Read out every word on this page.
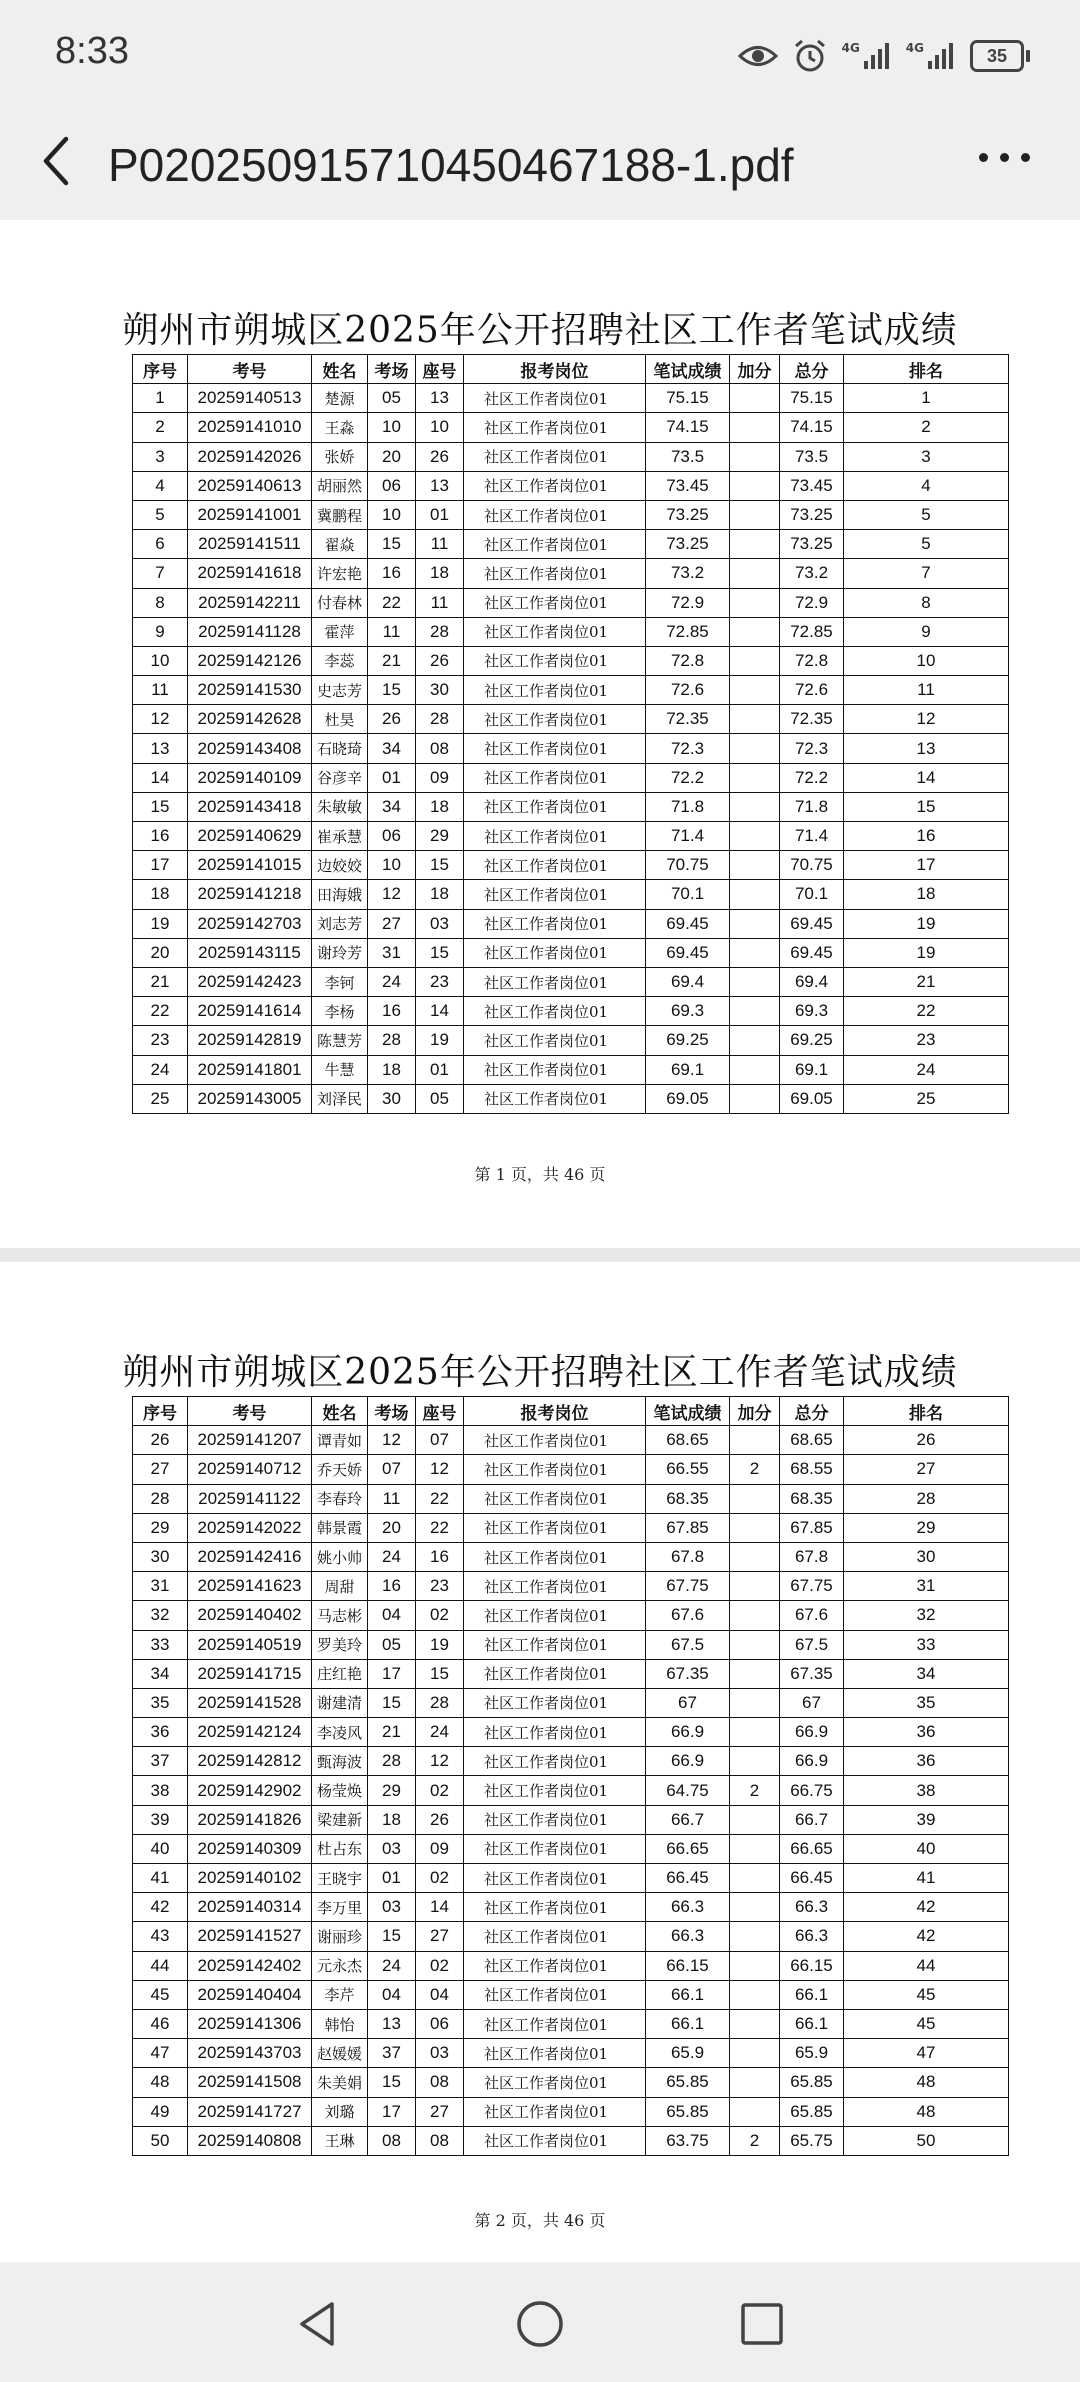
8:33	4G	4G	35
P020250915710450467188-1.pdf
朔州市朔城区2025年公开招聘社区工作者笔试成绩
序号	考号	姓名	考场	座号	报考岗位	笔试成绩	加分	总分	排名
1	20259140513	楚源	05	13	社区工作者岗位01	75.15		75.15	1
2	20259141010	王淼	10	10	社区工作者岗位01	74.15		74.15	2
3	20259142026	张娇	20	26	社区工作者岗位01	73.5		73.5	3
4	20259140613	胡丽然	06	13	社区工作者岗位01	73.45		73.45	4
5	20259141001	冀鹏程	10	01	社区工作者岗位01	73.25		73.25	5
6	20259141511	翟焱	15	11	社区工作者岗位01	73.25		73.25	5
7	20259141618	许宏艳	16	18	社区工作者岗位01	73.2		73.2	7
8	20259142211	付春林	22	11	社区工作者岗位01	72.9		72.9	8
9	20259141128	霍萍	11	28	社区工作者岗位01	72.85		72.85	9
10	20259142126	李蕊	21	26	社区工作者岗位01	72.8		72.8	10
11	20259141530	史志芳	15	30	社区工作者岗位01	72.6		72.6	11
12	20259142628	杜昊	26	28	社区工作者岗位01	72.35		72.35	12
13	20259143408	石晓琦	34	08	社区工作者岗位01	72.3		72.3	13
14	20259140109	谷彦辛	01	09	社区工作者岗位01	72.2		72.2	14
15	20259143418	朱敏敏	34	18	社区工作者岗位01	71.8		71.8	15
16	20259140629	崔承慧	06	29	社区工作者岗位01	71.4		71.4	16
17	20259141015	边姣姣	10	15	社区工作者岗位01	70.75		70.75	17
18	20259141218	田海娥	12	18	社区工作者岗位01	70.1		70.1	18
19	20259142703	刘志芳	27	03	社区工作者岗位01	69.45		69.45	19
20	20259143115	谢玲芳	31	15	社区工作者岗位01	69.45		69.45	19
21	20259142423	李钶	24	23	社区工作者岗位01	69.4		69.4	21
22	20259141614	李杨	16	14	社区工作者岗位01	69.3		69.3	22
23	20259142819	陈慧芳	28	19	社区工作者岗位01	69.25		69.25	23
24	20259141801	牛慧	18	01	社区工作者岗位01	69.1		69.1	24
25	20259143005	刘泽民	30	05	社区工作者岗位01	69.05		69.05	25
第 1 页，共 46 页
朔州市朔城区2025年公开招聘社区工作者笔试成绩
序号	考号	姓名	考场	座号	报考岗位	笔试成绩	加分	总分	排名
26	20259141207	谭青如	12	07	社区工作者岗位01	68.65		68.65	26
27	20259140712	乔天娇	07	12	社区工作者岗位01	66.55	2	68.55	27
28	20259141122	李春玲	11	22	社区工作者岗位01	68.35		68.35	28
29	20259142022	韩景霞	20	22	社区工作者岗位01	67.85		67.85	29
30	20259142416	姚小帅	24	16	社区工作者岗位01	67.8		67.8	30
31	20259141623	周甜	16	23	社区工作者岗位01	67.75		67.75	31
32	20259140402	马志彬	04	02	社区工作者岗位01	67.6		67.6	32
33	20259140519	罗美玲	05	19	社区工作者岗位01	67.5		67.5	33
34	20259141715	庄红艳	17	15	社区工作者岗位01	67.35		67.35	34
35	20259141528	谢建清	15	28	社区工作者岗位01	67		67	35
36	20259142124	李凌风	21	24	社区工作者岗位01	66.9		66.9	36
37	20259142812	甄海波	28	12	社区工作者岗位01	66.9		66.9	36
38	20259142902	杨莹焕	29	02	社区工作者岗位01	64.75	2	66.75	38
39	20259141826	梁建新	18	26	社区工作者岗位01	66.7		66.7	39
40	20259140309	杜占东	03	09	社区工作者岗位01	66.65		66.65	40
41	20259140102	王晓宇	01	02	社区工作者岗位01	66.45		66.45	41
42	20259140314	李万里	03	14	社区工作者岗位01	66.3		66.3	42
43	20259141527	谢丽珍	15	27	社区工作者岗位01	66.3		66.3	42
44	20259142402	元永杰	24	02	社区工作者岗位01	66.15		66.15	44
45	20259140404	李芹	04	04	社区工作者岗位01	66.1		66.1	45
46	20259141306	韩怡	13	06	社区工作者岗位01	66.1		66.1	45
47	20259143703	赵媛媛	37	03	社区工作者岗位01	65.9		65.9	47
48	20259141508	朱美娟	15	08	社区工作者岗位01	65.85		65.85	48
49	20259141727	刘璐	17	27	社区工作者岗位01	65.85		65.85	48
50	20259140808	王琳	08	08	社区工作者岗位01	63.75	2	65.75	50
第 2 页，共 46 页
